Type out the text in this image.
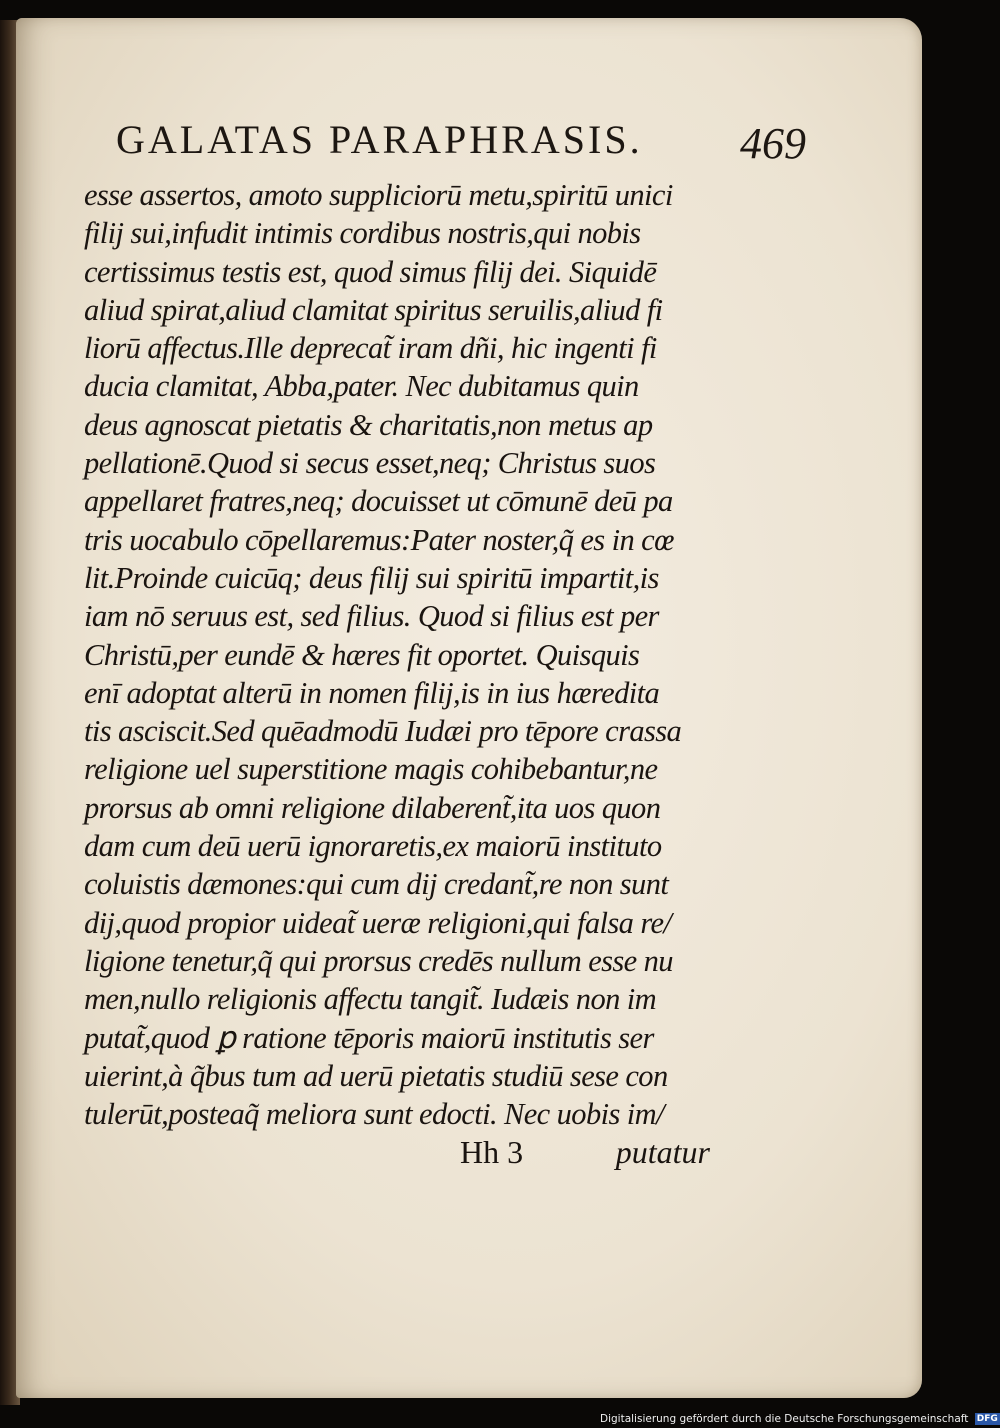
GALATAS PARAPHRASIS. 469
esse assertos, amoto suppliciorū metu,spiritū unici
filij sui,infudit intimis cordibus nostris,qui nobis
certissimus testis est, quod simus filij dei. Siquidē
aliud spirat,aliud clamitat spiritus seruilis,aliud fi
liorū affectus.Ille deprecat̃ iram dñi, hic ingenti fi
ducia clamitat, Abba,pater. Nec dubitamus quin
deus agnoscat pietatis & charitatis,non metus ap
pellationē.Quod si secus esset,neq; Christus suos
appellaret fratres,neq; docuisset ut cōmunē deū pa
tris uocabulo cōpellaremus:Pater noster,q̃ es in cœ
lit.Proinde cuicūq; deus filij sui spiritū impartit,is
iam nō seruus est, sed filius. Quod si filius est per
Christū,per eundē & hæres fit oportet. Quisquis
enī adoptat alterū in nomen filij,is in ius hæredita
tis asciscit.Sed quēadmodū Iudæi pro tēpore crassa
religione uel superstitione magis cohibebantur,ne
prorsus ab omni religione dilaberent̃,ita uos quon
dam cum deū uerū ignoraretis,ex maiorū instituto
coluistis dæmones:qui cum dij credant̃,re non sunt
dij,quod propior uideat̃ ueræ religioni,qui falsa re/
ligione tenetur,q̃ qui prorsus credēs nullum esse nu
men,nullo religionis affectu tangit̃. Iudæis non im
putat̃,quod ꝑ ratione tēporis maiorū institutis ser
uierint,à q̃bus tum ad uerū pietatis studiū sese con
tulerūt,posteaq̃ meliora sunt edocti. Nec uobis im/
Hh 3	putatur
Digitalisierung gefördert durch die Deutsche Forschungsgemeinschaft DFG
